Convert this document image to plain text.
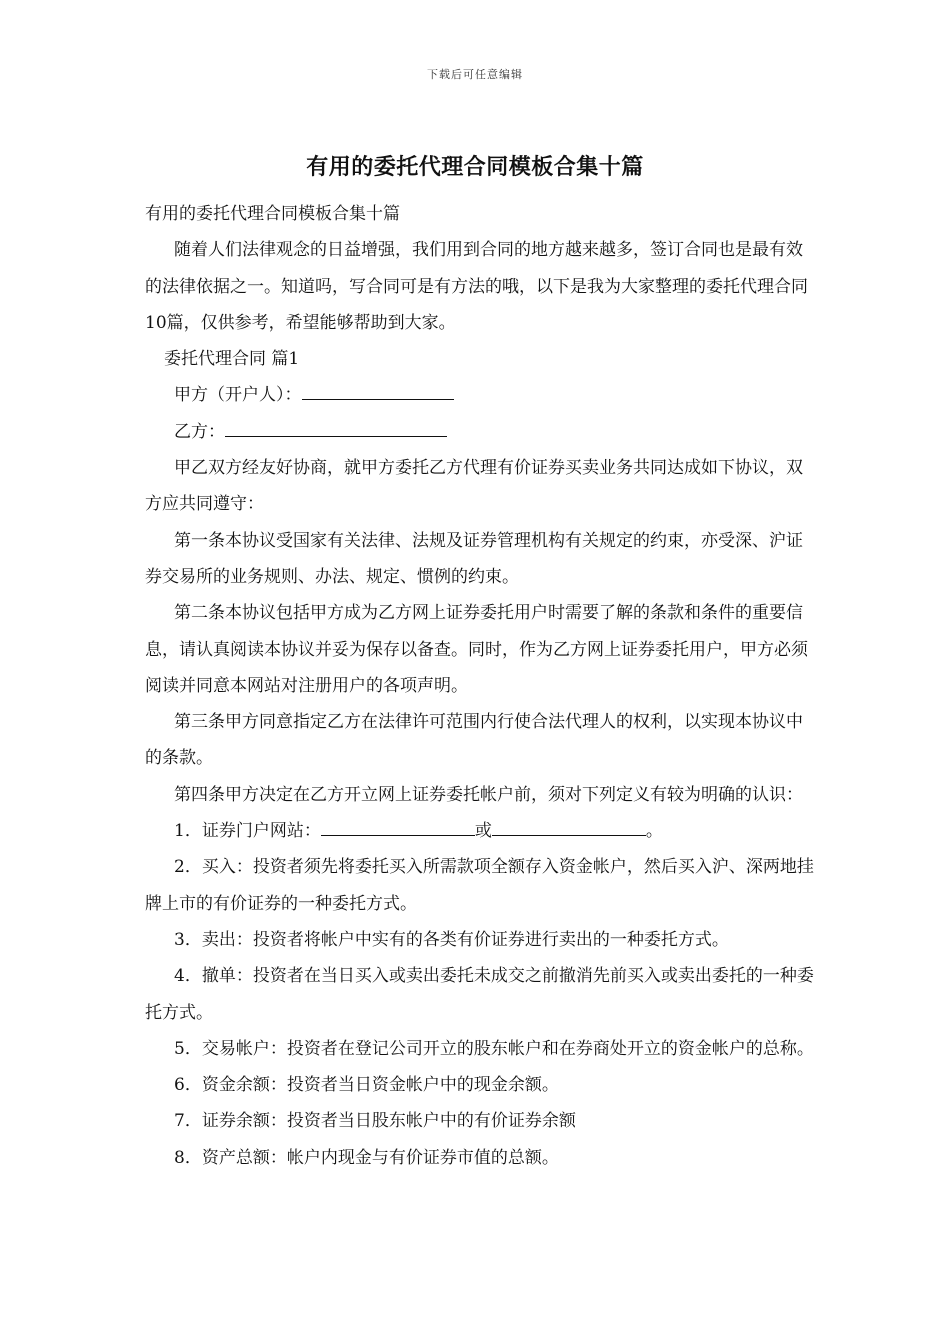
下载后可任意编辑
有用的委托代理合同模板合集十篇

有用的委托代理合同模板合集十篇

随着人们法律观念的日益增强，我们用到合同的地方越来越多，签订合同也是最有效的法律依据之一。知道吗，写合同可是有方法的哦，以下是我为大家整理的委托代理合同10篇，仅供参考，希望能够帮助到大家。

委托代理合同 篇1

甲方（开户人）：

乙方：

甲乙双方经友好协商，就甲方委托乙方代理有价证券买卖业务共同达成如下协议，双方应共同遵守：

第一条本协议受国家有关法律、法规及证券管理机构有关规定的约束，亦受深、沪证券交易所的业务规则、办法、规定、惯例的约束。

第二条本协议包括甲方成为乙方网上证券委托用户时需要了解的条款和条件的重要信息，请认真阅读本协议并妥为保存以备查。同时，作为乙方网上证券委托用户，甲方必须阅读并同意本网站对注册用户的各项声明。

第三条甲方同意指定乙方在法律许可范围内行使合法代理人的权利，以实现本协议中的条款。

第四条甲方决定在乙方开立网上证券委托帐户前，须对下列定义有较为明确的认识：

1．证券门户网站：	或	。

2．买入：投资者须先将委托买入所需款项全额存入资金帐户，然后买入沪、深两地挂牌上市的有价证券的一种委托方式。

3．卖出：投资者将帐户中实有的各类有价证券进行卖出的一种委托方式。

4．撤单：投资者在当日买入或卖出委托未成交之前撤消先前买入或卖出委托的一种委托方式。

5．交易帐户：投资者在登记公司开立的股东帐户和在券商处开立的资金帐户的总称。

6．资金余额：投资者当日资金帐户中的现金余额。

7．证券余额：投资者当日股东帐户中的有价证券余额

8．资产总额：帐户内现金与有价证券市值的总额。
